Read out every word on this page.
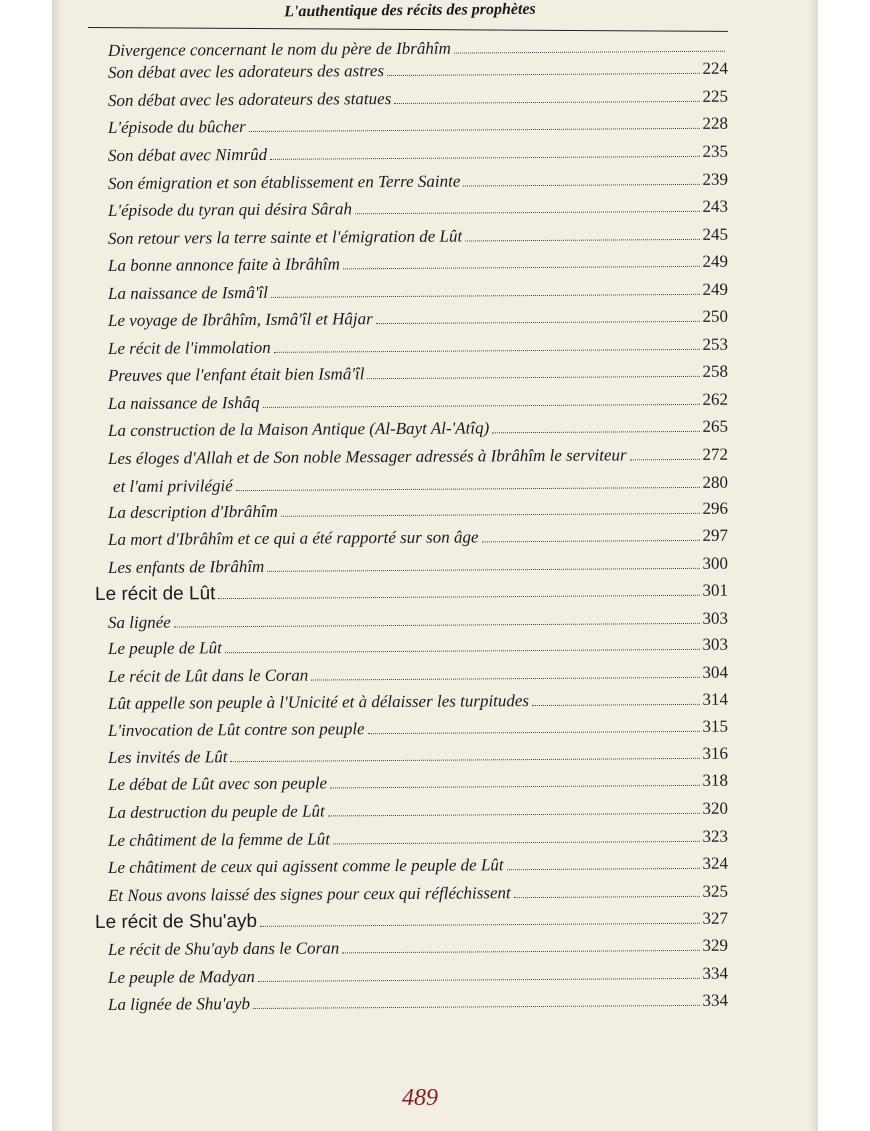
L'authentique des récits des prophètes
Divergence concernant le nom du père de Ibrâhîm
Son débat avec les adorateurs des astres	224
Son débat avec les adorateurs des statues	225
L'épisode du bûcher	228
Son débat avec Nimrûd	235
Son émigration et son établissement en Terre Sainte	239
L'épisode du tyran qui désira Sârah	243
Son retour vers la terre sainte et l'émigration de Lût	245
La bonne annonce faite à Ibrâhîm	249
La naissance de Ismâ'îl	249
Le voyage de Ibrâhîm, Ismâ'îl et Hâjar	250
Le récit de l'immolation	253
Preuves que l'enfant était bien Ismâ'îl	258
La naissance de Ishâq	262
La construction de la Maison Antique (Al-Bayt Al-'Atîq)	265
Les éloges d'Allah et de Son noble Messager adressés à Ibrâhîm le serviteur	272
et l'ami privilégié	280
La description d'Ibrâhîm	296
La mort d'Ibrâhîm et ce qui a été rapporté sur son âge	297
Les enfants de Ibrâhîm	300
Le récit de Lût	301
Sa lignée	303
Le peuple de Lût	303
Le récit de Lût dans le Coran	304
Lût appelle son peuple à l'Unicité et à délaisser les turpitudes	314
L'invocation de Lût contre son peuple	315
Les invités de Lût	316
Le débat de Lût avec son peuple	318
La destruction du peuple de Lût	320
Le châtiment de la femme de Lût	323
Le châtiment de ceux qui agissent comme le peuple de Lût	324
Et Nous avons laissé des signes pour ceux qui réfléchissent	325
Le récit de Shu'ayb	327
Le récit de Shu'ayb dans le Coran	329
Le peuple de Madyan	334
La lignée de Shu'ayb	334
489
